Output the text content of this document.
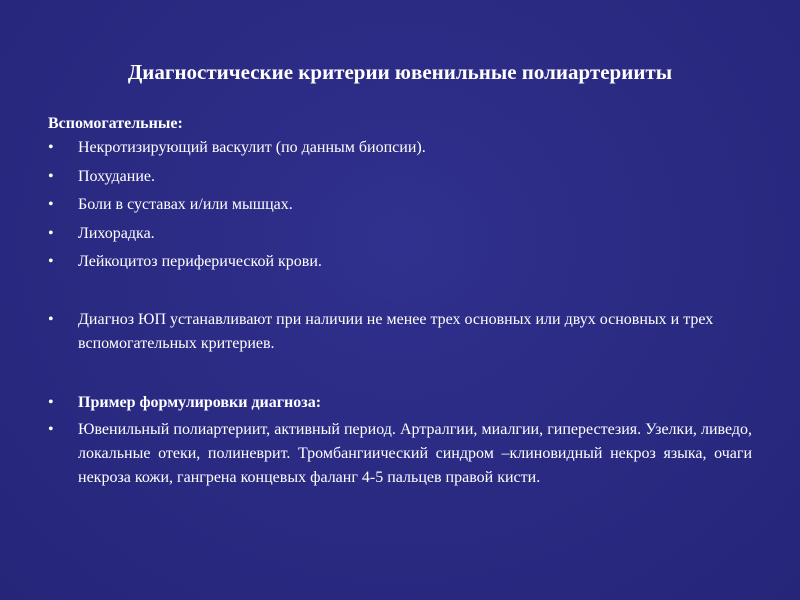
Диагностические критерии ювенильные полиартерииты
Вспомогательные:
•	Некротизирующий васкулит (по данным биопсии).
•	Похудание.
•	Боли в суставах и/или мышцах.
•	Лихорадка.
•	Лейкоцитоз периферической крови.
•	Диагноз ЮП устанавливают при наличии не менее трех основных или двух основных и трех вспомогательных критериев.
•	Пример формулировки диагноза:
•	Ювенильный полиартериит, активный период. Артралгии, миалгии, гиперестезия. Узелки, ливедо, локальные отеки, полиневрит. Тромбангиический синдром –клиновидный некроз языка, очаги некроза кожи, гангрена концевых фаланг 4-5 пальцев правой кисти.
